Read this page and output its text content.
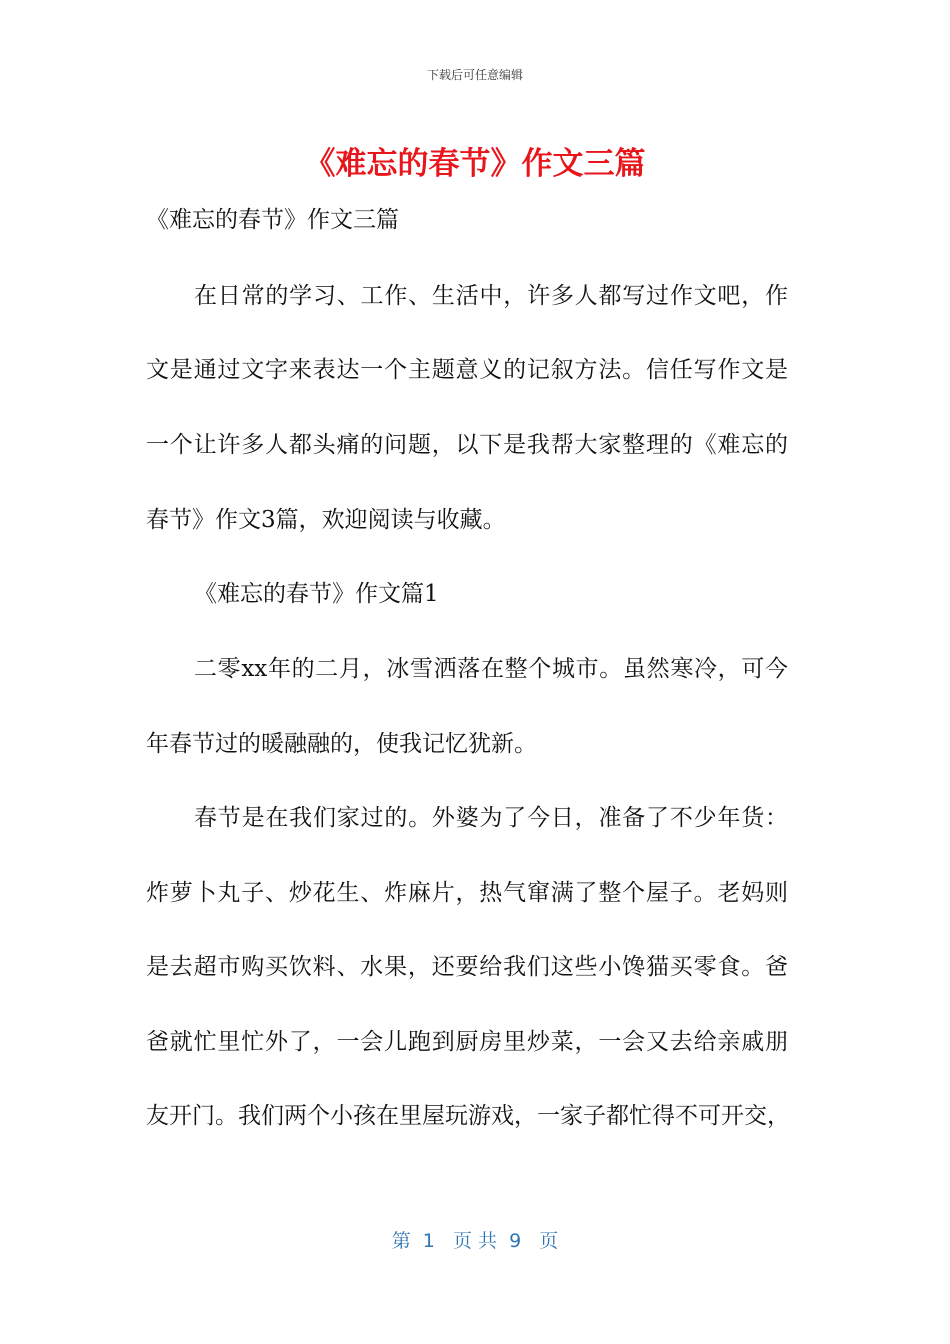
下载后可任意编辑
《难忘的春节》作文三篇
《难忘的春节》作文三篇
在日常的学习、工作、生活中，许多人都写过作文吧，作
文是通过文字来表达一个主题意义的记叙方法。信任写作文是
一个让许多人都头痛的问题，以下是我帮大家整理的《难忘的
春节》作文3篇，欢迎阅读与收藏。
《难忘的春节》作文篇1
二零xx年的二月，冰雪洒落在整个城市。虽然寒冷，可今
年春节过的暖融融的，使我记忆犹新。
春节是在我们家过的。外婆为了今日，准备了不少年货：
炸萝卜丸子、炒花生、炸麻片，热气窜满了整个屋子。老妈则
是去超市购买饮料、水果，还要给我们这些小馋猫买零食。爸
爸就忙里忙外了，一会儿跑到厨房里炒菜，一会又去给亲戚朋
友开门。我们两个小孩在里屋玩游戏，一家子都忙得不可开交，
第  1   页 共  9   页
